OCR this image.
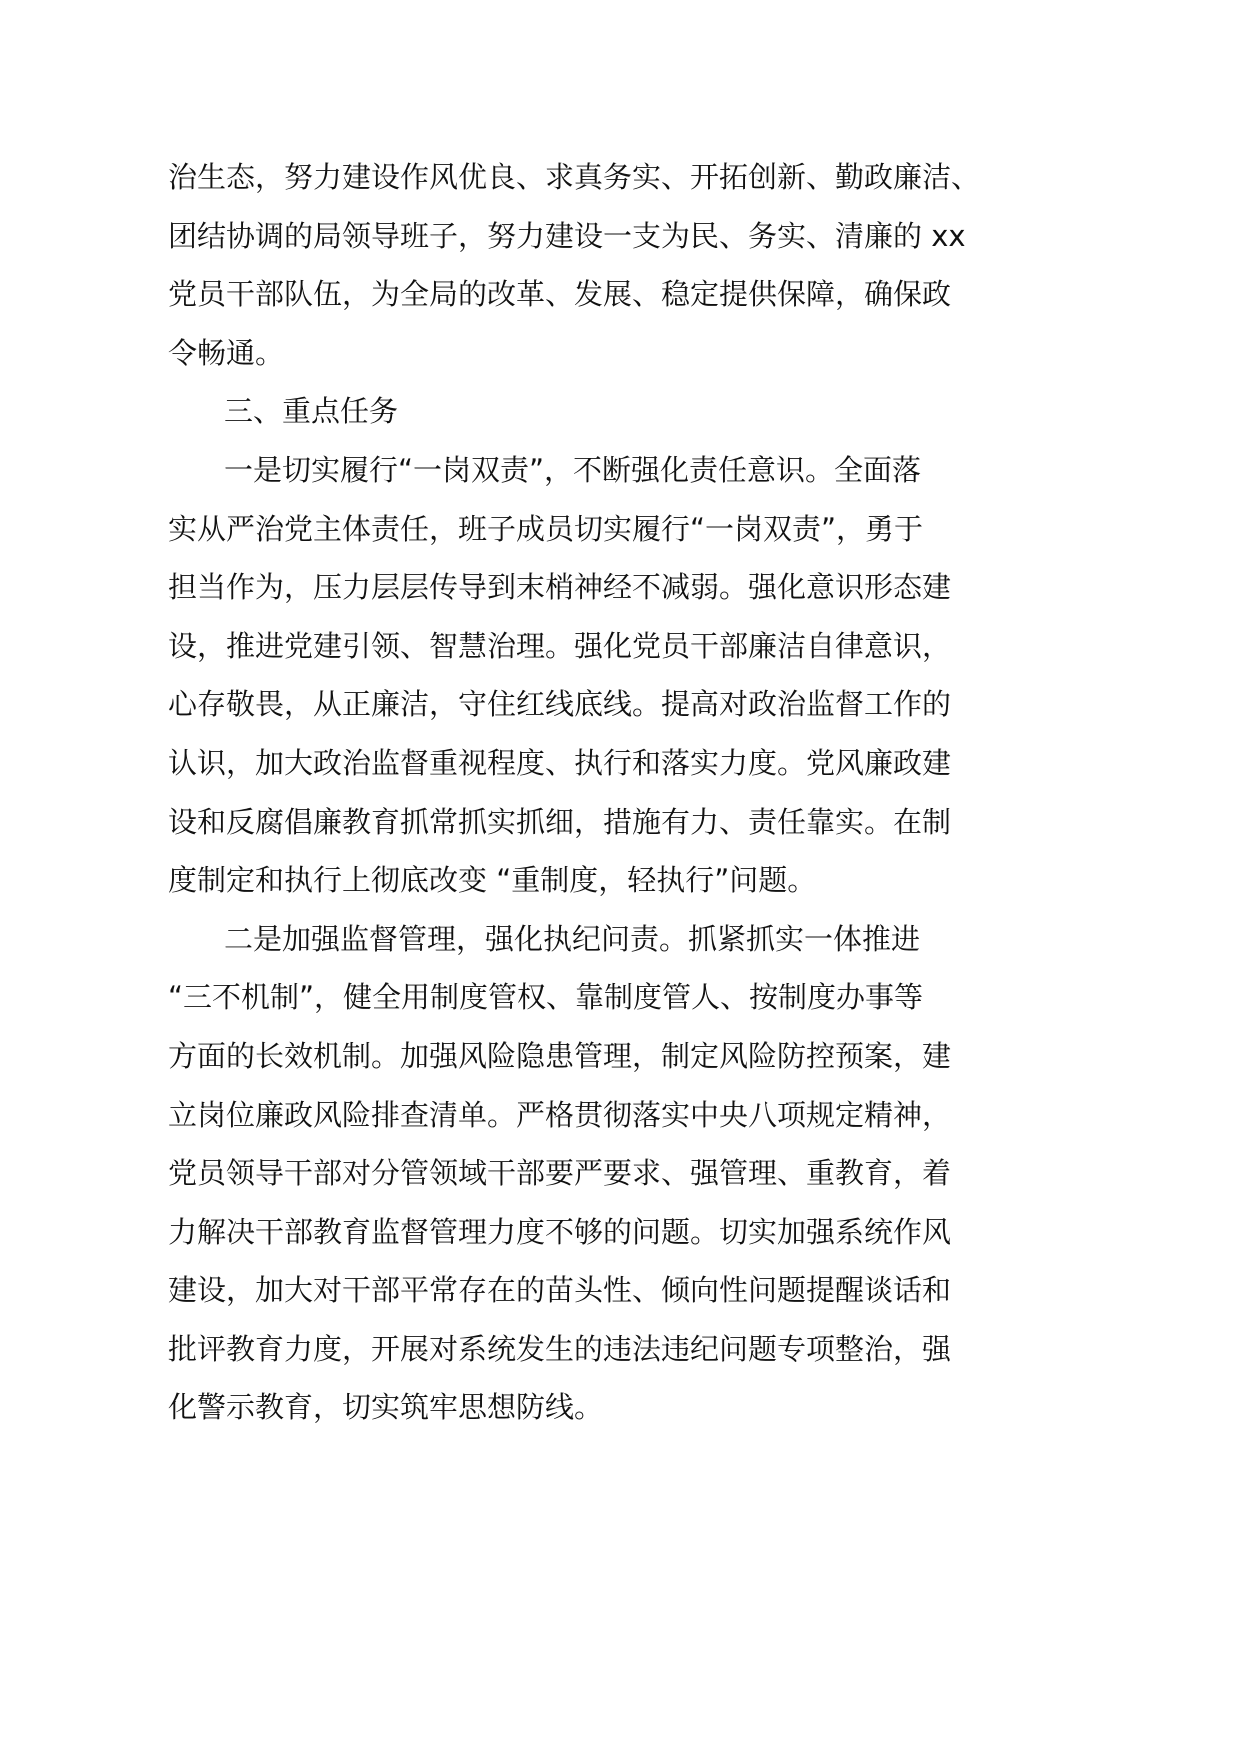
治生态，努力建设作风优良、求真务实、开拓创新、勤政廉洁、
团结协调的局领导班子，努力建设一支为民、务实、清廉的 xx
党员干部队伍，为全局的改革、发展、稳定提供保障，确保政
令畅通。
三、重点任务
一是切实履行“一岗双责”，不断强化责任意识。全面落
实从严治党主体责任，班子成员切实履行“一岗双责”，勇于
担当作为，压力层层传导到末梢神经不减弱。强化意识形态建
设，推进党建引领、智慧治理。强化党员干部廉洁自律意识，
心存敬畏，从正廉洁，守住红线底线。提高对政治监督工作的
认识，加大政治监督重视程度、执行和落实力度。党风廉政建
设和反腐倡廉教育抓常抓实抓细，措施有力、责任靠实。在制
度制定和执行上彻底改变 “重制度，轻执行”问题。
二是加强监督管理，强化执纪问责。抓紧抓实一体推进
“三不机制”，健全用制度管权、靠制度管人、按制度办事等
方面的长效机制。加强风险隐患管理，制定风险防控预案，建
立岗位廉政风险排查清单。严格贯彻落实中央八项规定精神，
党员领导干部对分管领域干部要严要求、强管理、重教育，着
力解决干部教育监督管理力度不够的问题。切实加强系统作风
建设，加大对干部平常存在的苗头性、倾向性问题提醒谈话和
批评教育力度，开展对系统发生的违法违纪问题专项整治，强
化警示教育，切实筑牢思想防线。
